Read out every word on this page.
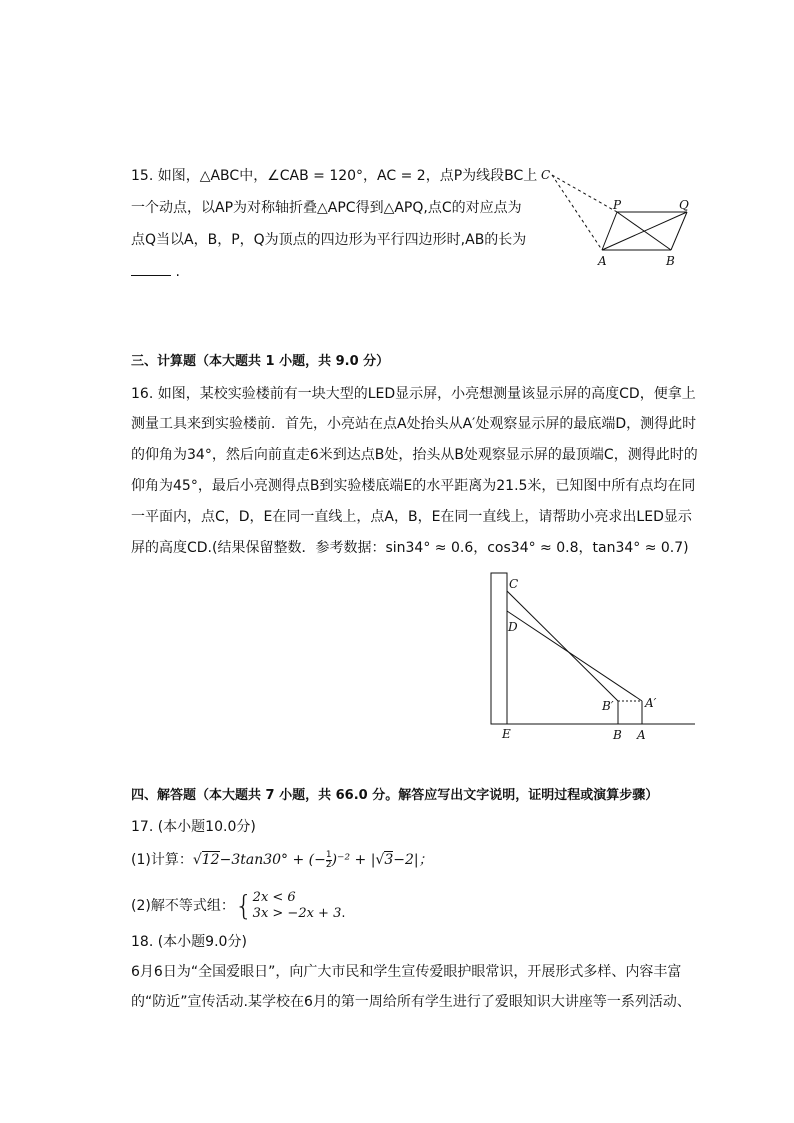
15. 如图，△ABC中，∠CAB = 120°，AC = 2，点P为线段BC上
一个动点，以AP为对称轴折叠△APC得到△APQ,点C的对应点为
点Q当以A，B，P，Q为顶点的四边形为平行四边形时,AB的长为
.
C
P	Q
A	B
三、计算题（本大题共 1 小题，共 9.0 分）
16. 如图，某校实验楼前有一块大型的LED显示屏，小亮想测量该显示屏的高度CD，便拿上
测量工具来到实验楼前．首先，小亮站在点A处抬头从A′处观察显示屏的最底端D，测得此时
的仰角为34°，然后向前直走6米到达点B处，抬头从B处观察显示屏的最顶端C，测得此时的
仰角为45°，最后小亮测得点B到实验楼底端E的水平距离为21.5米，已知图中所有点均在同
一平面内，点C，D，E在同一直线上，点A，B，E在同一直线上，请帮助小亮求出LED显示
屏的高度CD.(结果保留整数．参考数据：sin34° ≈ 0.6，cos34° ≈ 0.8，tan34° ≈ 0.7)
C
D
E	B A
B′	A′
四、解答题（本大题共 7 小题，共 66.0 分。解答应写出文字说明，证明过程或演算步骤）
17. (本小题10.0分)
(1)计算：√12−3tan30° + (− $\frac{1}{2} )^{-2} + |√3-2|$；
(2)解不等式组：{ 2x < 6
3x > −2x + 3.
18. (本小题9.0分)
6月6日为“全国爱眼日”，向广大市民和学生宣传爱眼护眼常识，开展形式多样、内容丰富
的“防近”宣传活动.某学校在6月的第一周给所有学生进行了爱眼知识大讲座等一系列活动、
